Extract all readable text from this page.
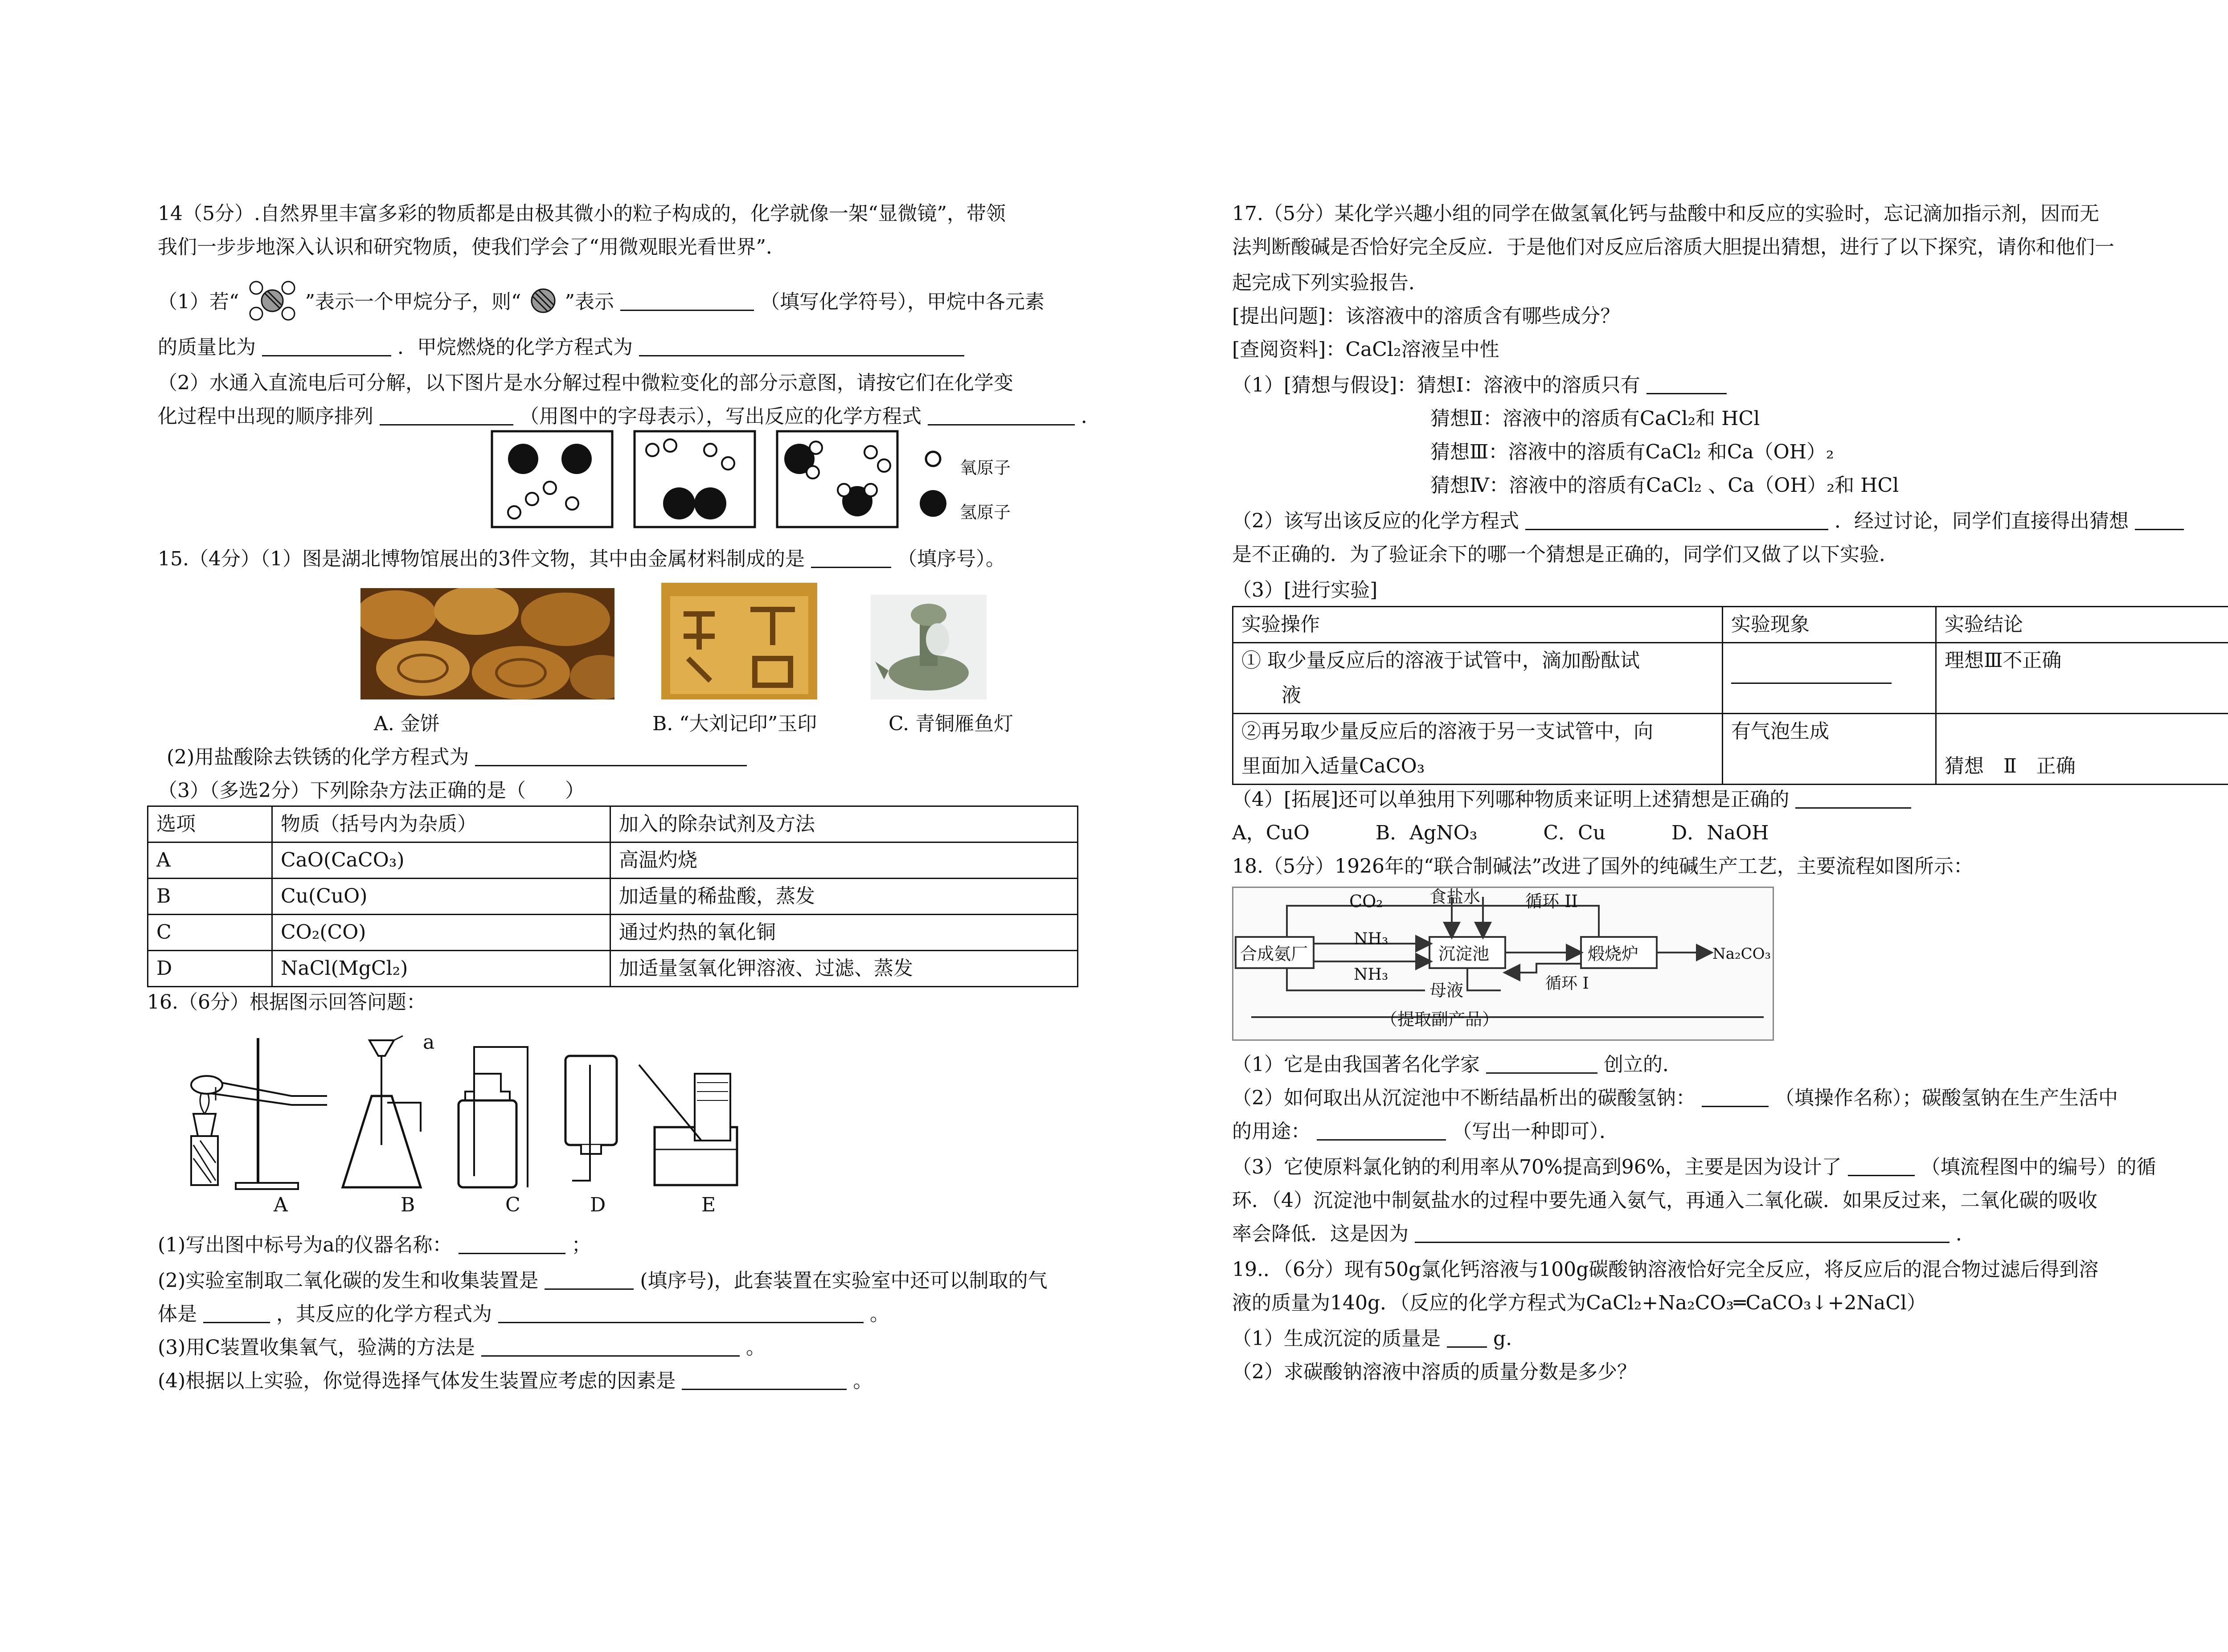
14（5分）.自然界里丰富多彩的物质都是由极其微小的粒子构成的，化学就像一架“显微镜”，带领
我们一步步地深入认识和研究物质，使我们学会了“用微观眼光看世界”．
（1）若“	”表示一个甲烷分子，则“ ”表示	（填写化学符号），甲烷中各元素
的质量比为	．甲烷燃烧的化学方程式为
（2）水通入直流电后可分解，以下图片是水分解过程中微粒变化的部分示意图，请按它们在化学变
化过程中出现的顺序排列	（用图中的字母表示），写出反应的化学方程式	．
氧原子
氢原子
15.（4分）（1）图是湖北博物馆展出的3件文物，其中由金属材料制成的是	（填序号）。
A. 金饼	B. “大刘记印”玉印	C. 青铜雁鱼灯
(2)用盐酸除去铁锈的化学方程式为
（3）（多选2分）下列除杂方法正确的是（　　）
选项	物质（括号内为杂质）	加入的除杂试剂及方法
A	CaO(CaCO₃)	高温灼烧
B	Cu(CuO)	加适量的稀盐酸，蒸发
C	CO₂(CO)	通过灼热的氧化铜
D	NaCl(MgCl₂)	加适量氢氧化钾溶液、过滤、蒸发
16.（6分）根据图示回答问题：
a
A	B	C	D	E
(1)写出图中标号为a的仪器名称：	；
(2)实验室制取二氧化碳的发生和收集装置是	(填序号)，此套装置在实验室中还可以制取的气
体是	，其反应的化学方程式为	。
(3)用C装置收集氧气，验满的方法是	。
(4)根据以上实验，你觉得选择气体发生装置应考虑的因素是	。
17.（5分）某化学兴趣小组的同学在做氢氧化钙与盐酸中和反应的实验时，忘记滴加指示剂，因而无
法判断酸碱是否恰好完全反应．于是他们对反应后溶质大胆提出猜想，进行了以下探究，请你和他们一
起完成下列实验报告．
[提出问题]：该溶液中的溶质含有哪些成分？
[查阅资料]：CaCl₂溶液呈中性
（1）[猜想与假设]：猜想Ⅰ：溶液中的溶质只有
猜想Ⅱ：溶液中的溶质有CaCl₂和 HCl
猜想Ⅲ：溶液中的溶质有CaCl₂ 和Ca（OH）₂
猜想Ⅳ：溶液中的溶质有CaCl₂ 、Ca（OH）₂和 HCl
（2）该写出该反应的化学方程式	．经过讨论，同学们直接得出猜想
是不正确的．为了验证余下的哪一个猜想是正确的，同学们又做了以下实验．
（3）[进行实验]
实验操作	实验现象	实验结论

① 取少量反应后的溶液于试管中，滴加酚酞试
液		理想Ⅲ不正确

②再另取少量反应后的溶液于另一支试管中，向
里面加入适量CaCO₃	有气泡生成	猜想　Ⅱ　正确
（4）[拓展]还可以单独用下列哪种物质来证明上述猜想是正确的
A，CuO	B．AgNO₃	C．Cu	D．NaOH
18.（5分）1926年的“联合制碱法”改进了国外的纯碱生产工艺，主要流程如图所示：
CO₂	食盐水	循环 II
合成氨厂
NH₃
NH₃
沉淀池	煅烧炉	Na₂CO₃
循环 I
母液
（提取副产品）
（1）它是由我国著名化学家	创立的．
（2）如何取出从沉淀池中不断结晶析出的碳酸氢钠：	（填操作名称）；碳酸氢钠在生产生活中
的用途：	（写出一种即可）．
（3）它使原料氯化钠的利用率从70%提高到96%，主要是因为设计了	（填流程图中的编号）的循
环．（4）沉淀池中制氨盐水的过程中要先通入氨气，再通入二氧化碳．如果反过来，二氧化碳的吸收
率会降低．这是因为	．
19.．（6分）现有50g氯化钙溶液与100g碳酸钠溶液恰好完全反应，将反应后的混合物过滤后得到溶
液的质量为140g．（反应的化学方程式为CaCl₂+Na₂CO₃═CaCO₃↓+2NaCl）
（1）生成沉淀的质量是	g.
（2）求碳酸钠溶液中溶质的质量分数是多少？
